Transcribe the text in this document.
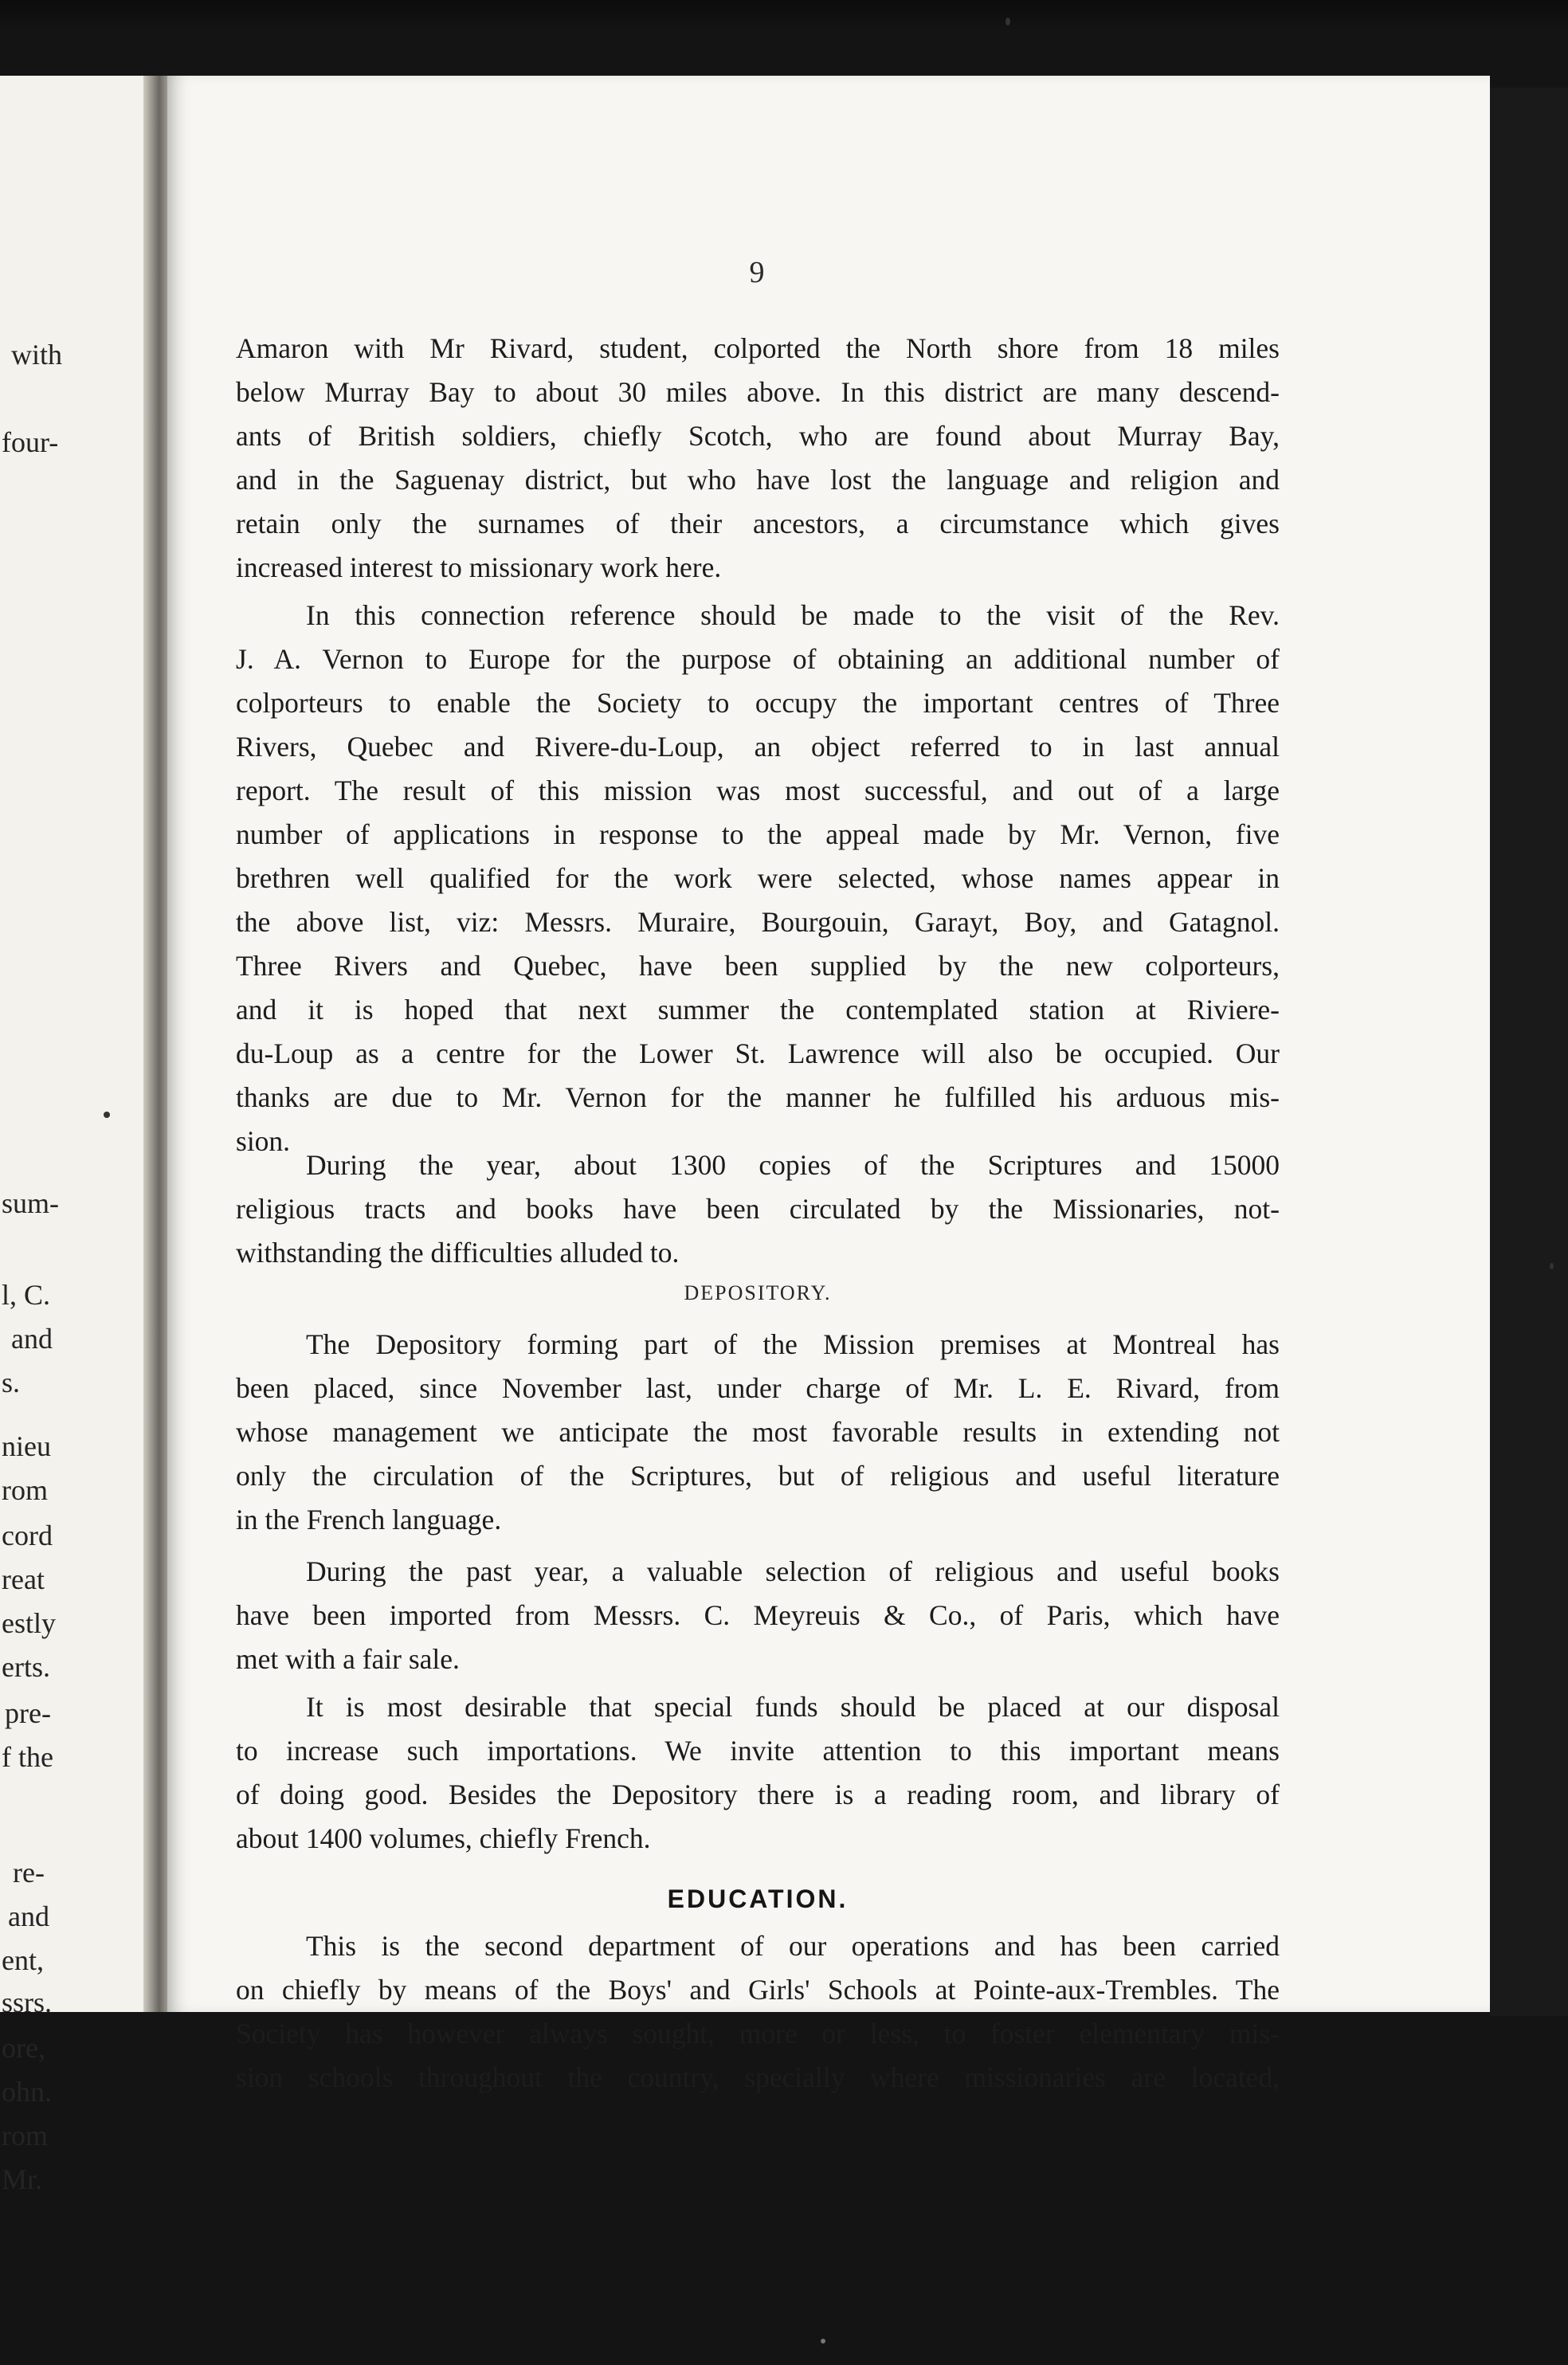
with
four-
sum-
l, C.
and
s.
nieu
rom
cord
reat
estly
erts.
pre-
f the
re-
and
ent,
ssrs.
ore,
ohn.
rom
Mr.
9
Amaron with Mr Rivard, student, colported the North shore from 18 miles
below Murray Bay to about 30 miles above. In this district are many descend-
ants of British soldiers, chiefly Scotch, who are found about Murray Bay,
and in the Saguenay district, but who have lost the language and religion and
retain only the surnames of their ancestors, a circumstance which gives
increased interest to missionary work here.
In this connection reference should be made to the visit of the Rev.
J. A. Vernon to Europe for the purpose of obtaining an additional number of
colporteurs to enable the Society to occupy the important centres of Three
Rivers, Quebec and Rivere-du-Loup, an object referred to in last annual
report. The result of this mission was most successful, and out of a large
number of applications in response to the appeal made by Mr. Vernon, five
brethren well qualified for the work were selected, whose names appear in
the above list, viz: Messrs. Muraire, Bourgouin, Garayt, Boy, and Gatagnol.
Three Rivers and Quebec, have been supplied by the new colporteurs,
and it is hoped that next summer the contemplated station at Riviere-
du-Loup as a centre for the Lower St. Lawrence will also be occupied. Our
thanks are due to Mr. Vernon for the manner he fulfilled his arduous mis-
sion.
During the year, about 1300 copies of the Scriptures and 15000
religious tracts and books have been circulated by the Missionaries, not-
withstanding the difficulties alluded to.
DEPOSITORY.
The Depository forming part of the Mission premises at Montreal has
been placed, since November last, under charge of Mr. L. E. Rivard, from
whose management we anticipate the most favorable results in extending not
only the circulation of the Scriptures, but of religious and useful literature
in the French language.
During the past year, a valuable selection of religious and useful books
have been imported from Messrs. C. Meyreuis & Co., of Paris, which have
met with a fair sale.
It is most desirable that special funds should be placed at our disposal
to increase such importations. We invite attention to this important means
of doing good. Besides the Depository there is a reading room, and library of
about 1400 volumes, chiefly French.
EDUCATION.
This is the second department of our operations and has been carried
on chiefly by means of the Boys' and Girls' Schools at Pointe-aux-Trembles. The
Society has however always sought, more or less, to foster elementary mis-
sion schools throughout the country, specially where missionaries are located,
